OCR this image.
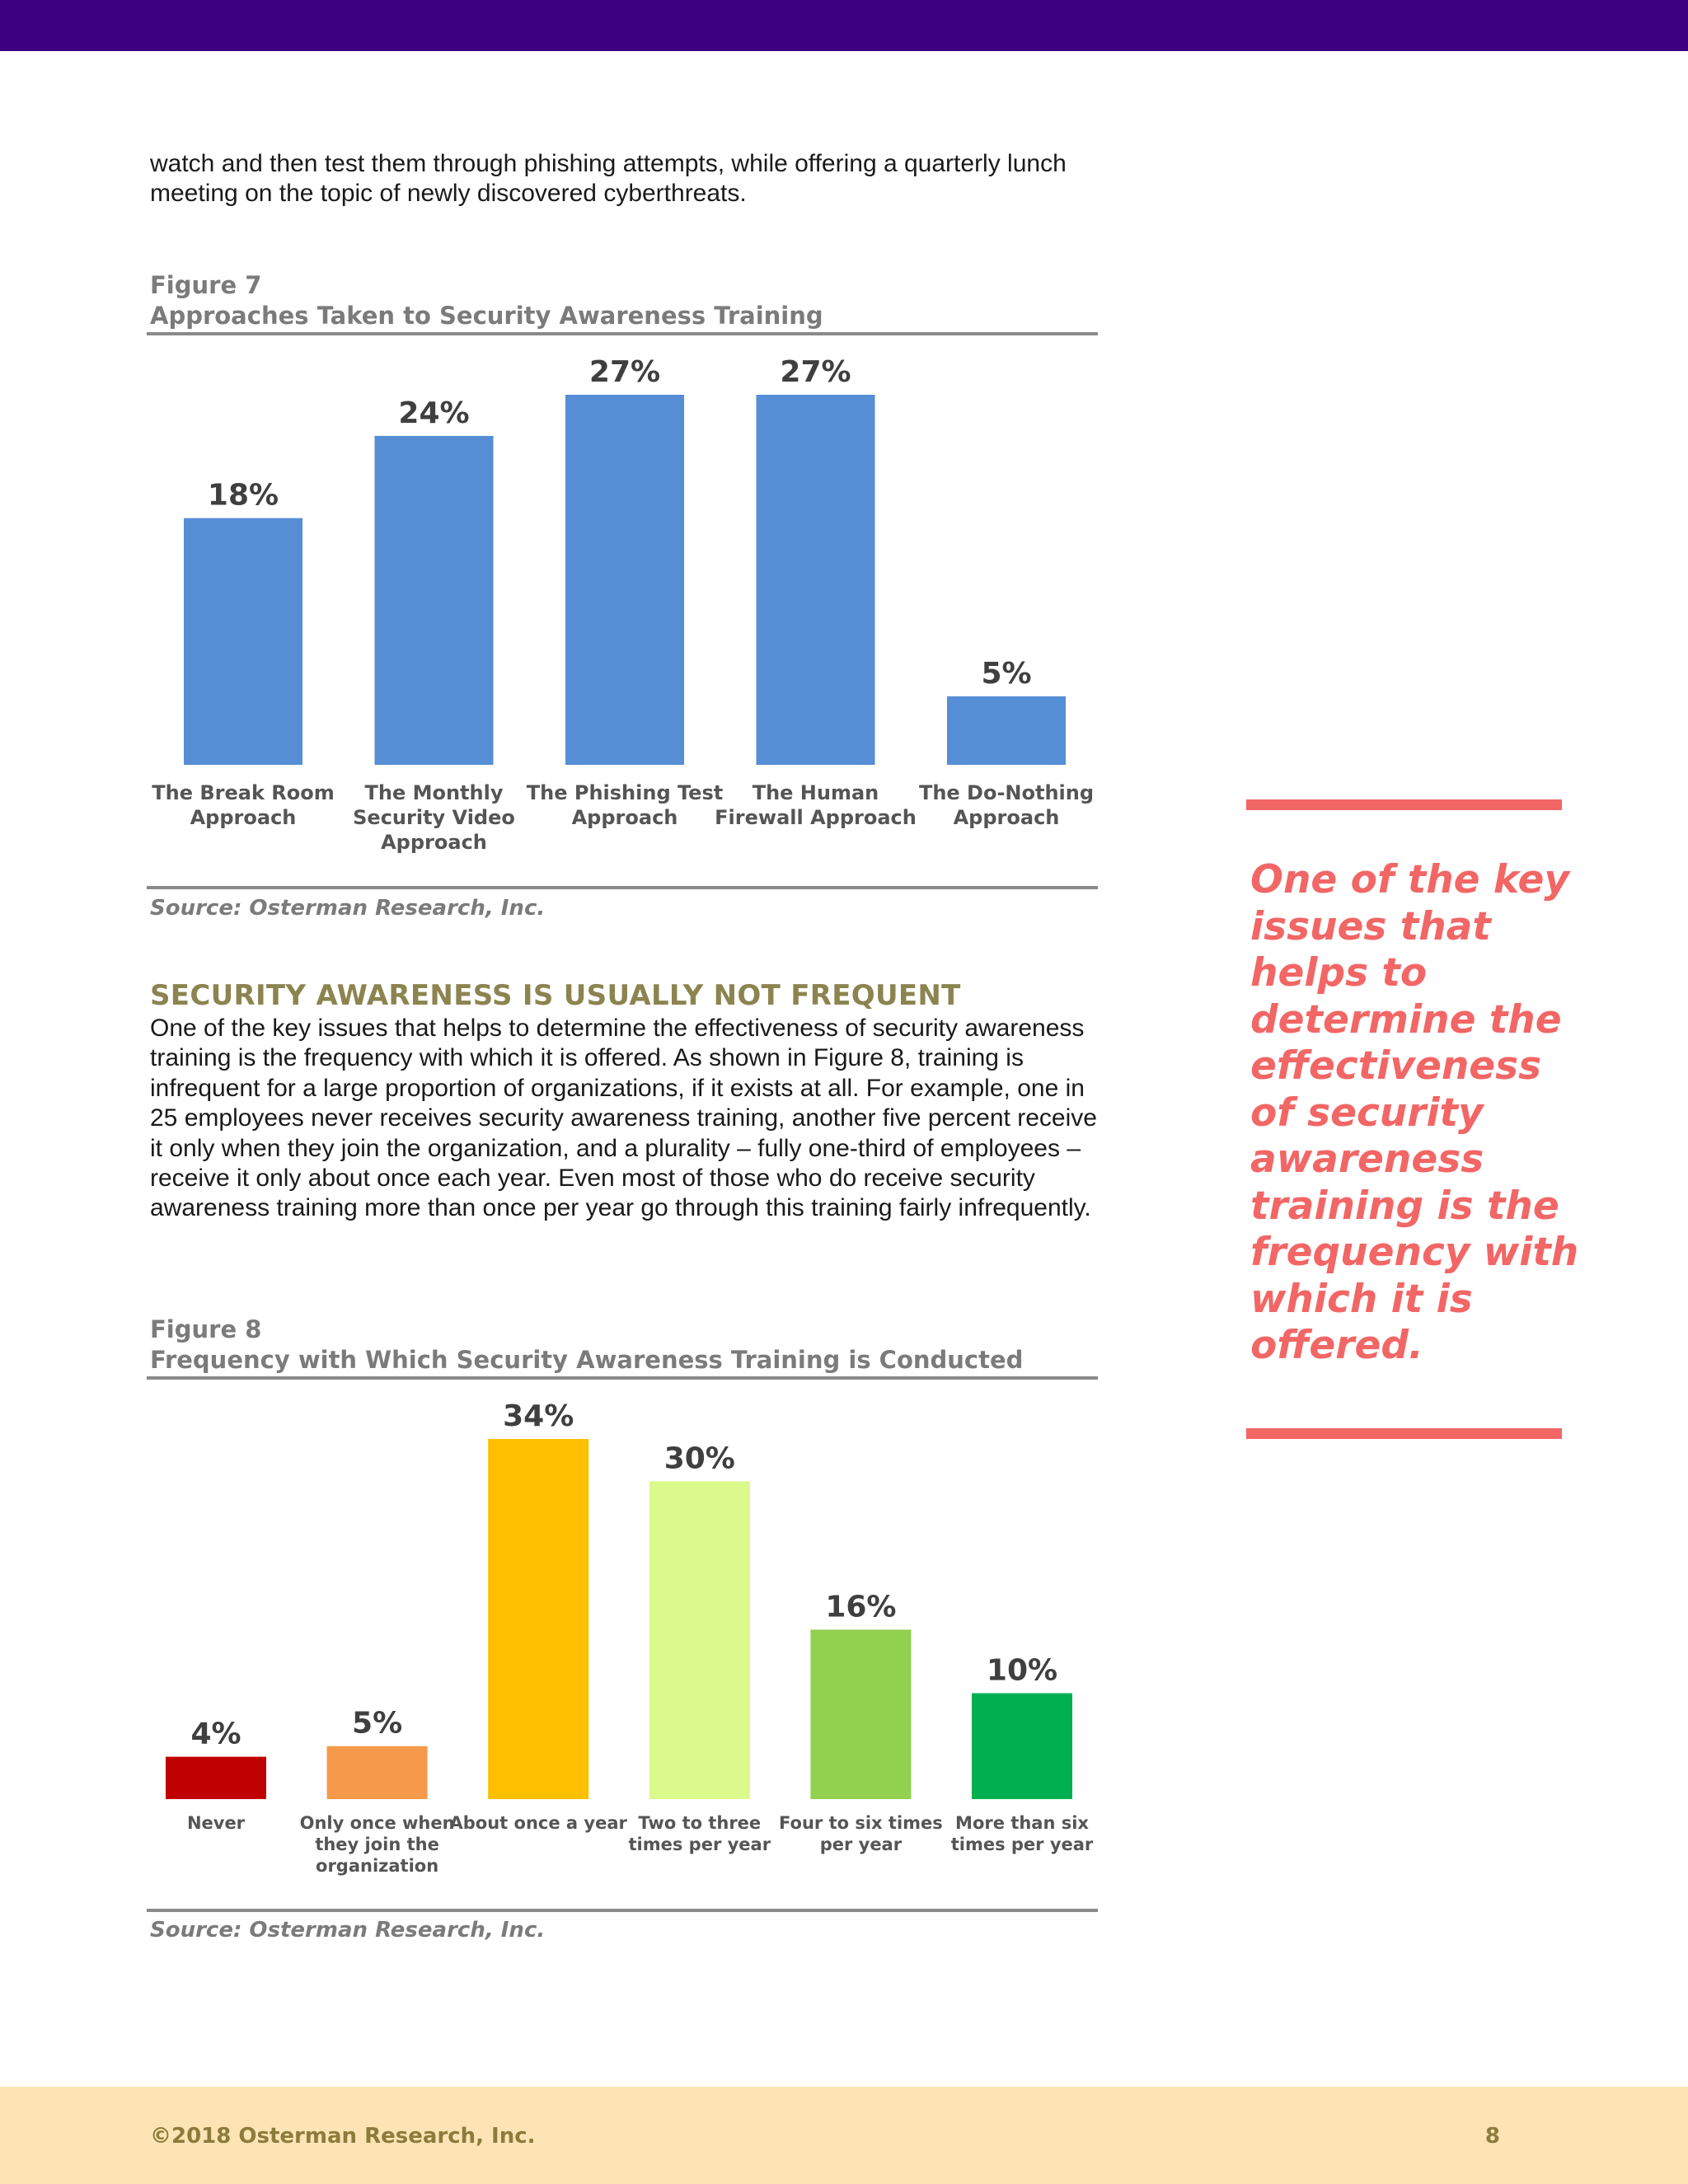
watch and then test them through phishing attempts, while offering a quarterly lunch meeting on the topic of newly discovered cyberthreats.
Figure 7
Approaches Taken to Security Awareness Training
18%
The Break Room Approach
24%
The Monthly Security Video Approach
27%
The Phishing Test Approach
27%
The Human Firewall Approach
5%
The Do-Nothing Approach
Source: Osterman Research, Inc.
SECURITY AWARENESS IS USUALLY NOT FREQUENT
One of the key issues that helps to determine the effectiveness of security awareness training is the frequency with which it is offered. As shown in Figure 8, training is infrequent for a large proportion of organizations, if it exists at all. For example, one in 25 employees never receives security awareness training, another five percent receive it only when they join the organization, and a plurality – fully one-third of employees – receive it only about once each year. Even most of those who do receive security awareness training more than once per year go through this training fairly infrequently.
Figure 8
Frequency with Which Security Awareness Training is Conducted
4%
Never
5%
Only once when they join the organization
34%
About once a year
30%
Two to three times per year
16%
Four to six times per year
10%
More than six times per year
Source: Osterman Research, Inc.
One of the key issues that helps to determine the effectiveness of security awareness training is the frequency with which it is offered.
©2018 Osterman Research, Inc.	8
